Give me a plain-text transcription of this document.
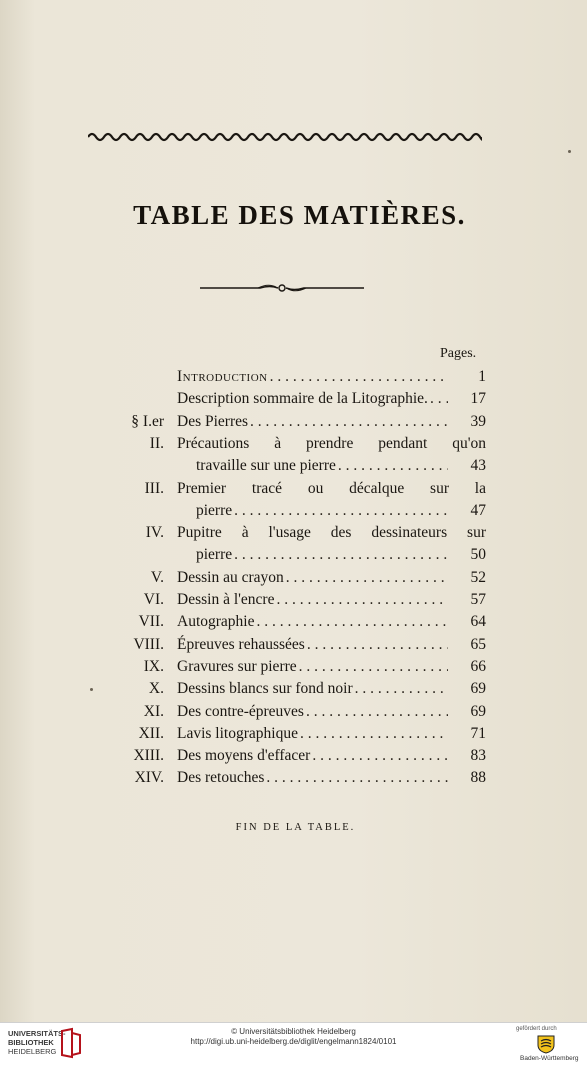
TABLE DES MATIÈRES.
Pages.
Introduction . . .	1
Description sommaire de la Litographie. . . .	17
§ I.er Des Pierres . . .	39
II. Précautions à prendre pendant qu'on
travaille sur une pierre . . .	43
III. Premier tracé ou décalque sur la
pierre . . .	47
IV. Pupitre à l'usage des dessinateurs sur
pierre . . .	50
V. Dessin au crayon . . .	52
VI. Dessin à l'encre . . .	57
VII. Autographie . . .	64
VIII. Épreuves rehaussées . . .	65
IX. Gravures sur pierre . . .	66
X. Dessins blancs sur fond noir . . .	69
XI. Des contre-épreuves . . .	69
XII. Lavis litographique . . .	71
XIII. Des moyens d'effacer . . .	83
XIV. Des retouches . . .	88
FIN DE LA TABLE.
UNIVERSITÄTS-
BIBLIOTHEK
HEIDELBERG
© Universitätsbibliothek Heidelberg
http://digi.ub.uni-heidelberg.de/diglit/engelmann1824/0101
gefördert durch
Baden-Württemberg
